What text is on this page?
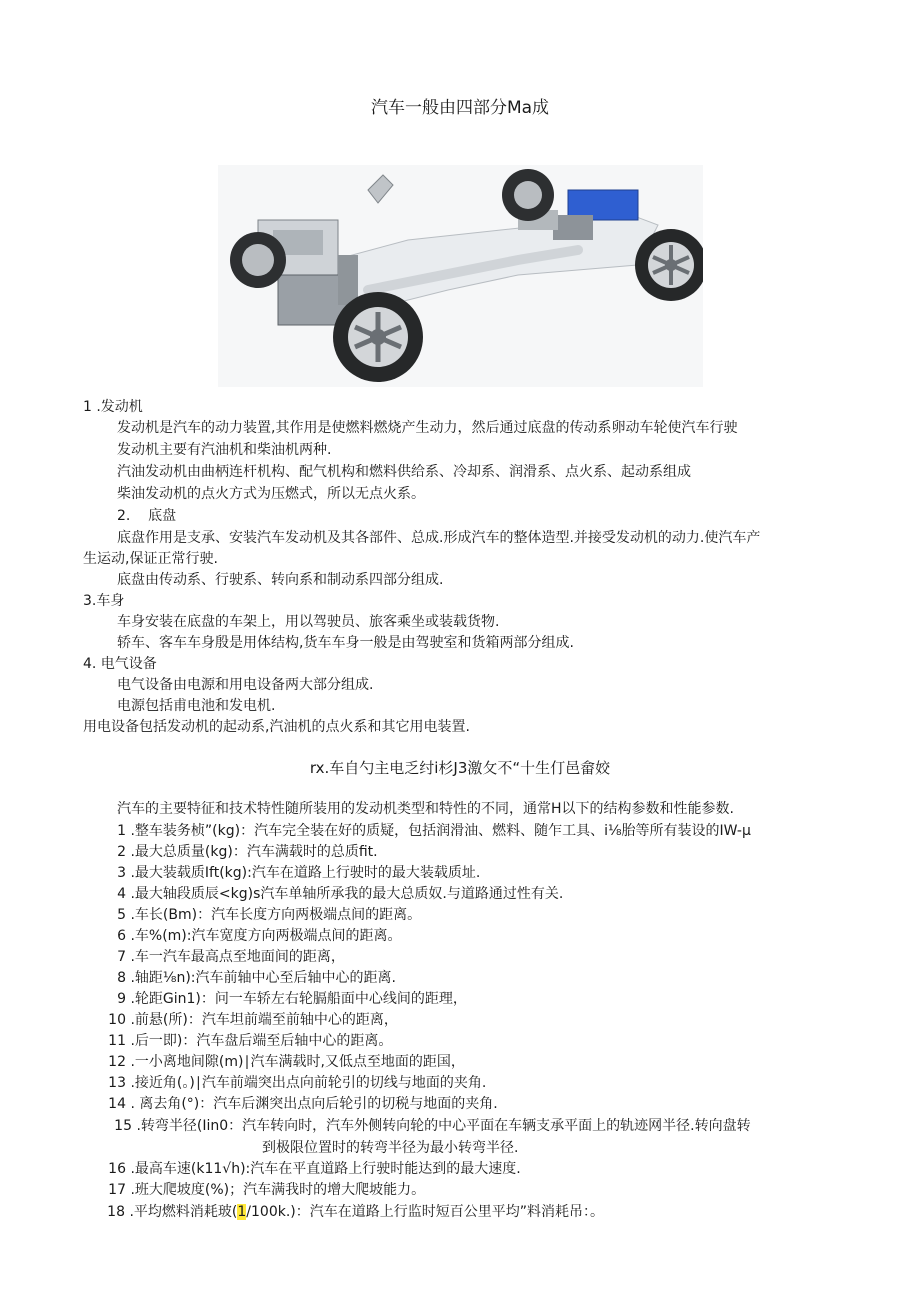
汽车一般由四部分Ma成
1 .发动机
发动机是汽车的动力装置,其作用是使燃料燃烧产生动力，然后通过底盘的传动系卵动车轮使汽车行驶
发动机主要有汽油机和柴油机两种.
汽油发动机由曲柄连杆机构、配气机构和燃料供给系、冷却系、润滑系、点火系、起动系组成
柴油发动机的点火方式为压燃式，所以无点火系。
2.    底盘
底盘作用是支承、安装汽车发动机及其各部件、总成.形成汽车的整体造型.并接受发动机的动力.使汽车产
生运动,保证正常行驶.
底盘由传动系、行驶系、转向系和制动系四部分组成.
3.车身
车身安装在底盘的车架上，用以驾驶员、旅客乘坐或装载货物.
轿车、客车车身殷是用体结构,货车车身一般是由驾驶室和货箱两部分组成.
4. 电气设备
电气设备由电源和用电设备两大部分组成.
电源包括甫电池和发电机.
用电设备包括发动机的起动系,汽油机的点火系和其它用电装置.
rx.车自勺主电乏纣i杉J3激攵不“十生仃邑畲姣
汽车的主要特征和技术特性随所装用的发动机类型和特性的不同，通常H以下的结构参数和性能参数.
1 .整车装务桢”(kg)：汽车完全装在好的质疑，包括润滑油、燃料、随乍工具、i⅛胎等所有装设的IW-μ
2 .最大总质量(kg)：汽车满载时的总质fit.
3 .最大装载质Ift(kg):汽车在道路上行驶时的最大装载质址.
4 .最大轴段质辰<kg)s汽车单轴所承我的最大总质奴.与道路通过性有关.
5 .车长(Bm)：汽车长度方向两极端点间的距离。
6 .车%(m):汽车宽度方向两极端点间的距离。
7 .车一汽车最高点至地面间的距离，
8 .轴距⅛n):汽车前轴中心至后轴中心的距离.
9 .轮距Gin1)：问一车轿左右轮膈船面中心线间的距理，
10 .前悬(所)：汽车坦前端至前轴中心的距离，
11 .后一即)：汽车盘后端至后轴中心的距离。
12 .一小离地间隙(m)∣汽车满载时,又低点至地面的距国，
13 .接近角(。)∣汽车前端突出点向前轮引的切线与地面的夹角.
14 . 离去角(°)：汽车后渊突出点向后轮引的切税与地面的夹角.
15 .转弯半径(Iin0：汽车转向时，汽车外侧转向轮的中心平面在车辆支承平面上的轨迹网半径.转向盘转
到极限位置时的转弯半径为最小转弯半径.
16 .最高车速(k11√h):汽车在平直道路上行驶时能达到的最大速度.
17 .班大爬坡度(%)；汽车满我时的增大爬坡能力。
18 .平均燃料消耗玻(1/100k.)：汽车在道路上行监时短百公里平均”料消耗吊：。
